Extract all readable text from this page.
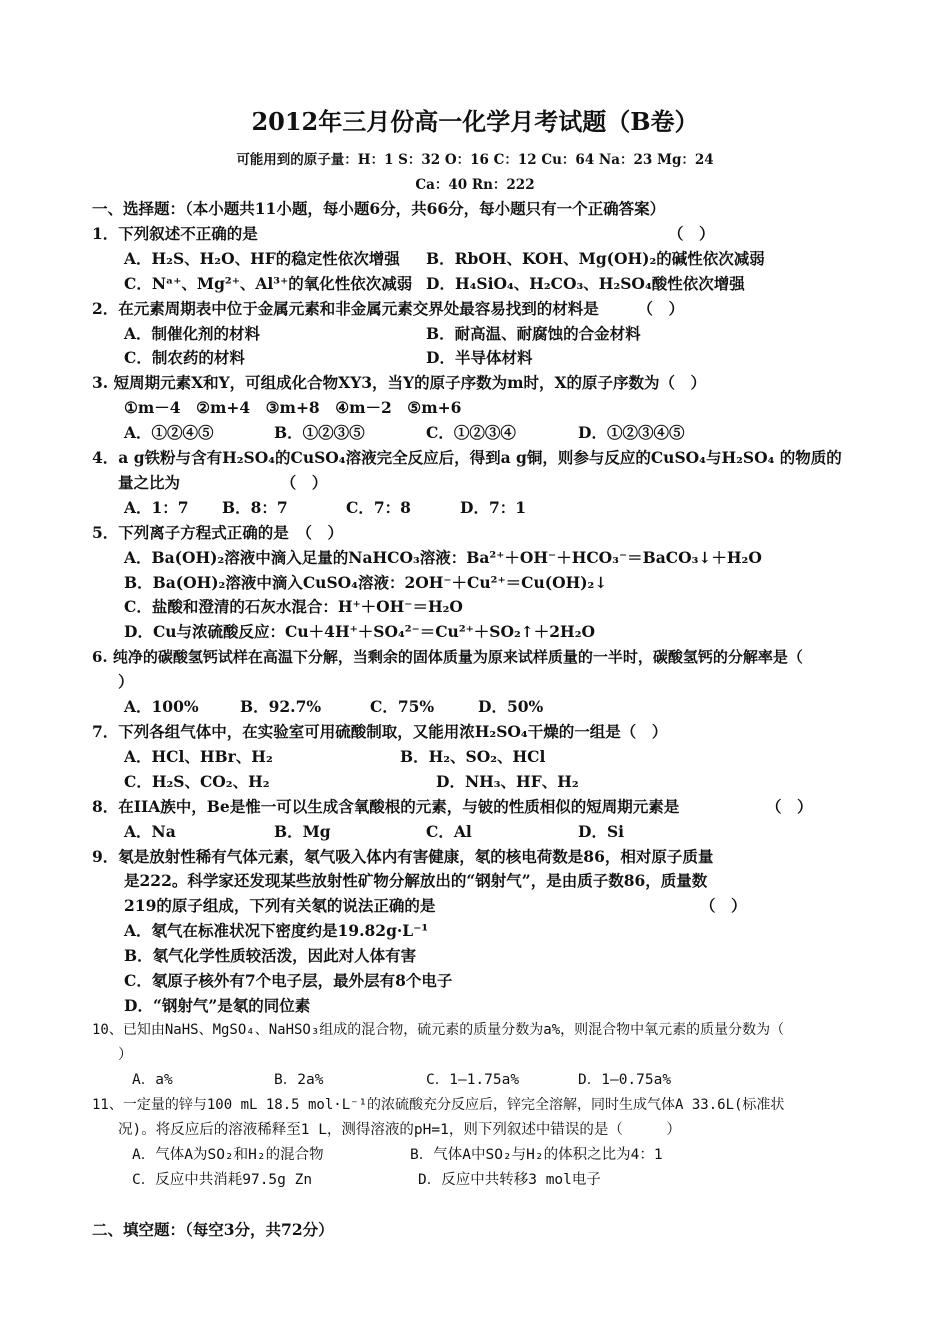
2012年三月份高一化学月考试题（B卷）
可能用到的原子量：H：1 S：32 O：16 C：12 Cu：64 Na：23 Mg：24
Ca：40 Rn：222
一、选择题：（本小题共11小题，每小题6分，共66分，每小题只有一个正确答案）
1．下列叙述不正确的是	（　）
A．H₂S、H₂O、HF的稳定性依次增强 B．RbOH、KOH、Mg(OH)₂的碱性依次减弱
C．Nᵃ⁺、Mg²⁺、Al³⁺的氧化性依次减弱 D．H₄SiO₄、H₂CO₃、H₂SO₄酸性依次增强
2．在元素周期表中位于金属元素和非金属元素交界处最容易找到的材料是　　　（　）
A．制催化剂的材料	B．耐高温、耐腐蚀的合金材料
C．制农药的材料	D．半导体材料
3. 短周期元素X和Y，可组成化合物XY3，当Y的原子序数为m时，X的原子序数为（　）
①m－4　②m+4　③m+8　④m－2　⑤m+6
A．①②④⑤	B．①②③⑤	C．①②③④	D．①②③④⑤
4．a g铁粉与含有H₂SO₄的CuSO₄溶液完全反应后，得到a g铜，则参与反应的CuSO₄与H₂SO₄ 的物质的
量之比为　　　　　　　（　）
A．1：7 B．8：7	C．7：8	D．7：1
5．下列离子方程式正确的是　（　）
A．Ba(OH)₂溶液中滴入足量的NaHCO₃溶液：Ba²⁺＋OH⁻＋HCO₃⁻＝BaCO₃↓＋H₂O
B．Ba(OH)₂溶液中滴入CuSO₄溶液：2OH⁻＋Cu²⁺＝Cu(OH)₂↓
C．盐酸和澄清的石灰水混合：H⁺＋OH⁻＝H₂O
D．Cu与浓硫酸反应：Cu＋4H⁺＋SO₄²⁻＝Cu²⁺＋SO₂↑＋2H₂O
6. 纯净的碳酸氢钙试样在高温下分解，当剩余的固体质量为原来试样质量的一半时，碳酸氢钙的分解率是（
）
A．100%	B．92.7%	C．75%	D．50%
7．下列各组气体中，在实验室可用硫酸制取，又能用浓H₂SO₄干燥的一组是（　）
A．HCl、HBr、H₂	B．H₂、SO₂、HCl
C．H₂S、CO₂、H₂	D．NH₃、HF、H₂
8．在IIA族中，Be是惟一可以生成含氧酸根的元素，与铍的性质相似的短周期元素是	（　）
A．Na	B．Mg	C．Al	D．Si
9．氡是放射性稀有气体元素，氡气吸入体内有害健康，氡的核电荷数是86，相对原子质量
是222。科学家还发现某些放射性矿物分解放出的“钢射气”，是由质子数86，质量数
219的原子组成，下列有关氡的说法正确的是	（　）
A．氡气在标准状况下密度约是19.82g·L⁻¹
B．氡气化学性质较活泼，因此对人体有害
C．氡原子核外有7个电子层，最外层有8个电子
D．“钢射气”是氡的同位素
10、已知由NaHS、MgSO₄、NaHSO₃组成的混合物，硫元素的质量分数为a%，则混合物中氧元素的质量分数为（
）
A．a%	B．2a%	C．1—1.75a%	D．1—0.75a%
11、一定量的锌与100 mL 18.5 mol·L⁻¹的浓硫酸充分反应后，锌完全溶解，同时生成气体A 33.6L(标准状
况)。将反应后的溶液稀释至1 L，测得溶液的pH=1，则下列叙述中错误的是（　　　）
A．气体A为SO₂和H₂的混合物	B．气体A中SO₂与H₂的体积之比为4：1
C．反应中共消耗97.5g Zn	D．反应中共转移3 mol电子
二、填空题：（每空3分，共72分）
